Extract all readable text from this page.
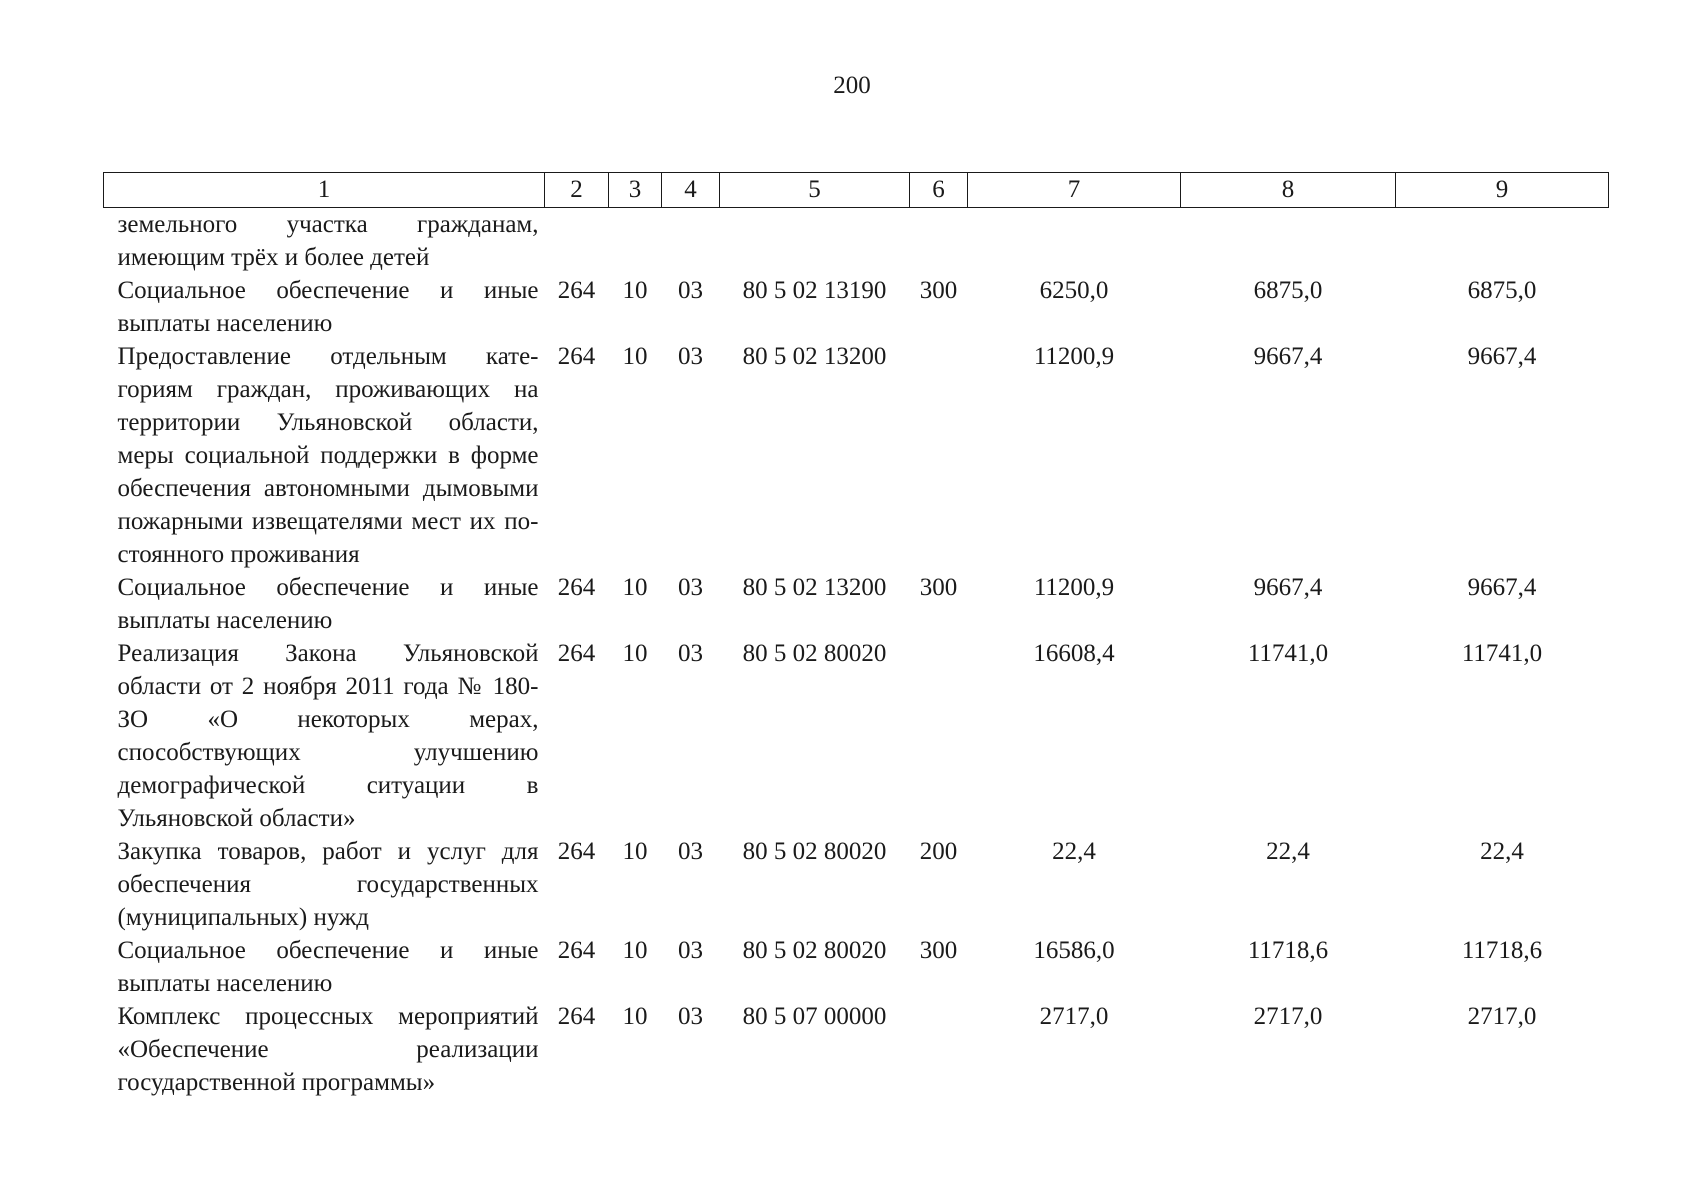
200
1	2	3	4	5	6	7	8	9
земельного участка гражданам, имеющим трёх и более детей								
Социальное обеспечение и иные выплаты населению	264	10	03	80 5 02 13190	300	6250,0	6875,0	6875,0
Предоставление отдельным категориям граждан, проживающих на территории Ульяновской области, меры социальной поддержки в форме обеспечения автономными дымовыми пожарными извещателями мест их постоянного проживания	264	10	03	80 5 02 13200		11200,9	9667,4	9667,4
Социальное обеспечение и иные выплаты населению	264	10	03	80 5 02 13200	300	11200,9	9667,4	9667,4
Реализация Закона Ульяновской области от 2 ноября 2011 года № 180-ЗО «О некоторых мерах, способствующих улучшению демографической ситуации в Ульяновской области»	264	10	03	80 5 02 80020		16608,4	11741,0	11741,0
Закупка товаров, работ и услуг для обеспечения государственных (муниципальных) нужд	264	10	03	80 5 02 80020	200	22,4	22,4	22,4
Социальное обеспечение и иные выплаты населению	264	10	03	80 5 02 80020	300	16586,0	11718,6	11718,6
Комплекс процессных мероприятий «Обеспечение реализации государственной программы»	264	10	03	80 5 07 00000		2717,0	2717,0	2717,0
